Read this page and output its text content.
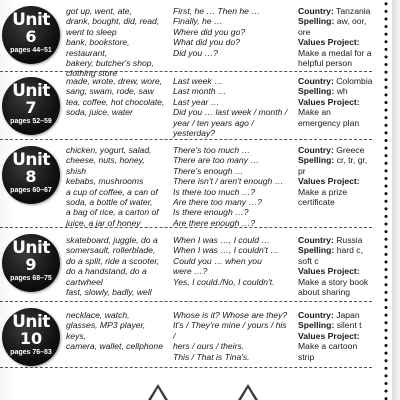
Unit
6
pages 44–51
got up, went, ate,
drank, bought, did, read,
went to sleep
bank, bookstore, restaurant,
bakery, butcher's shop,
clothing store
First, he … Then he …
Finally, he …
Where did you go?
What did you do?
Did you …?
Country: Tanzania
Spelling: aw, oor, ore
Values Project:
Make a medal for a helpful person
Unit
7
pages 52–59
made, wrote, drew, wore,
sang, swam, rode, saw
tea, coffee, hot chocolate,
soda, juice, water
Last week …
Last month …
Last year …
Did you … last week / month /
year / ten years ago / yesterday?
Country: Colombia
Spelling: wh
Values Project: Make an emergency plan
Unit
8
pages 60–67
chicken, yogurt, salad,
cheese, nuts, honey, shish
kebabs, mushrooms
a cup of coffee, a can of
soda, a bottle of water,
a bag of rice, a carton of
juice, a jar of honey
There's too much …
There are too many …
There's enough …
There isn't / aren't enough …
Is there too much …?
Are there too many …?
Is there enough …?
Are there enough …?
Country: Greece
Spelling: cr, tr, gr, pr
Values Project:
Make a prize certificate
Unit
9
pages 68–75
skateboard, juggle, do a
somersault, rollerblade,
do a split, ride a scooter,
do a handstand, do a
cartwheel
fast, slowly, badly, well
When I was …, I could …
When I was …, I couldn't …
Could you … when you
were …?
Yes, I could./No, I couldn't.
Country: Russia
Spelling: hard c, soft c
Values Project:
Make a story book about sharing
Unit
10
pages 76–83
necklace, watch,
glasses, MP3 player, keys,
camera, wallet, cellphone
Whose is it? Whose are they?
It's / They're mine / yours / his /
hers / ours / theirs.
This / That is Tina's.
Country: Japan
Spelling: silent t
Values Project:
Make a cartoon strip
